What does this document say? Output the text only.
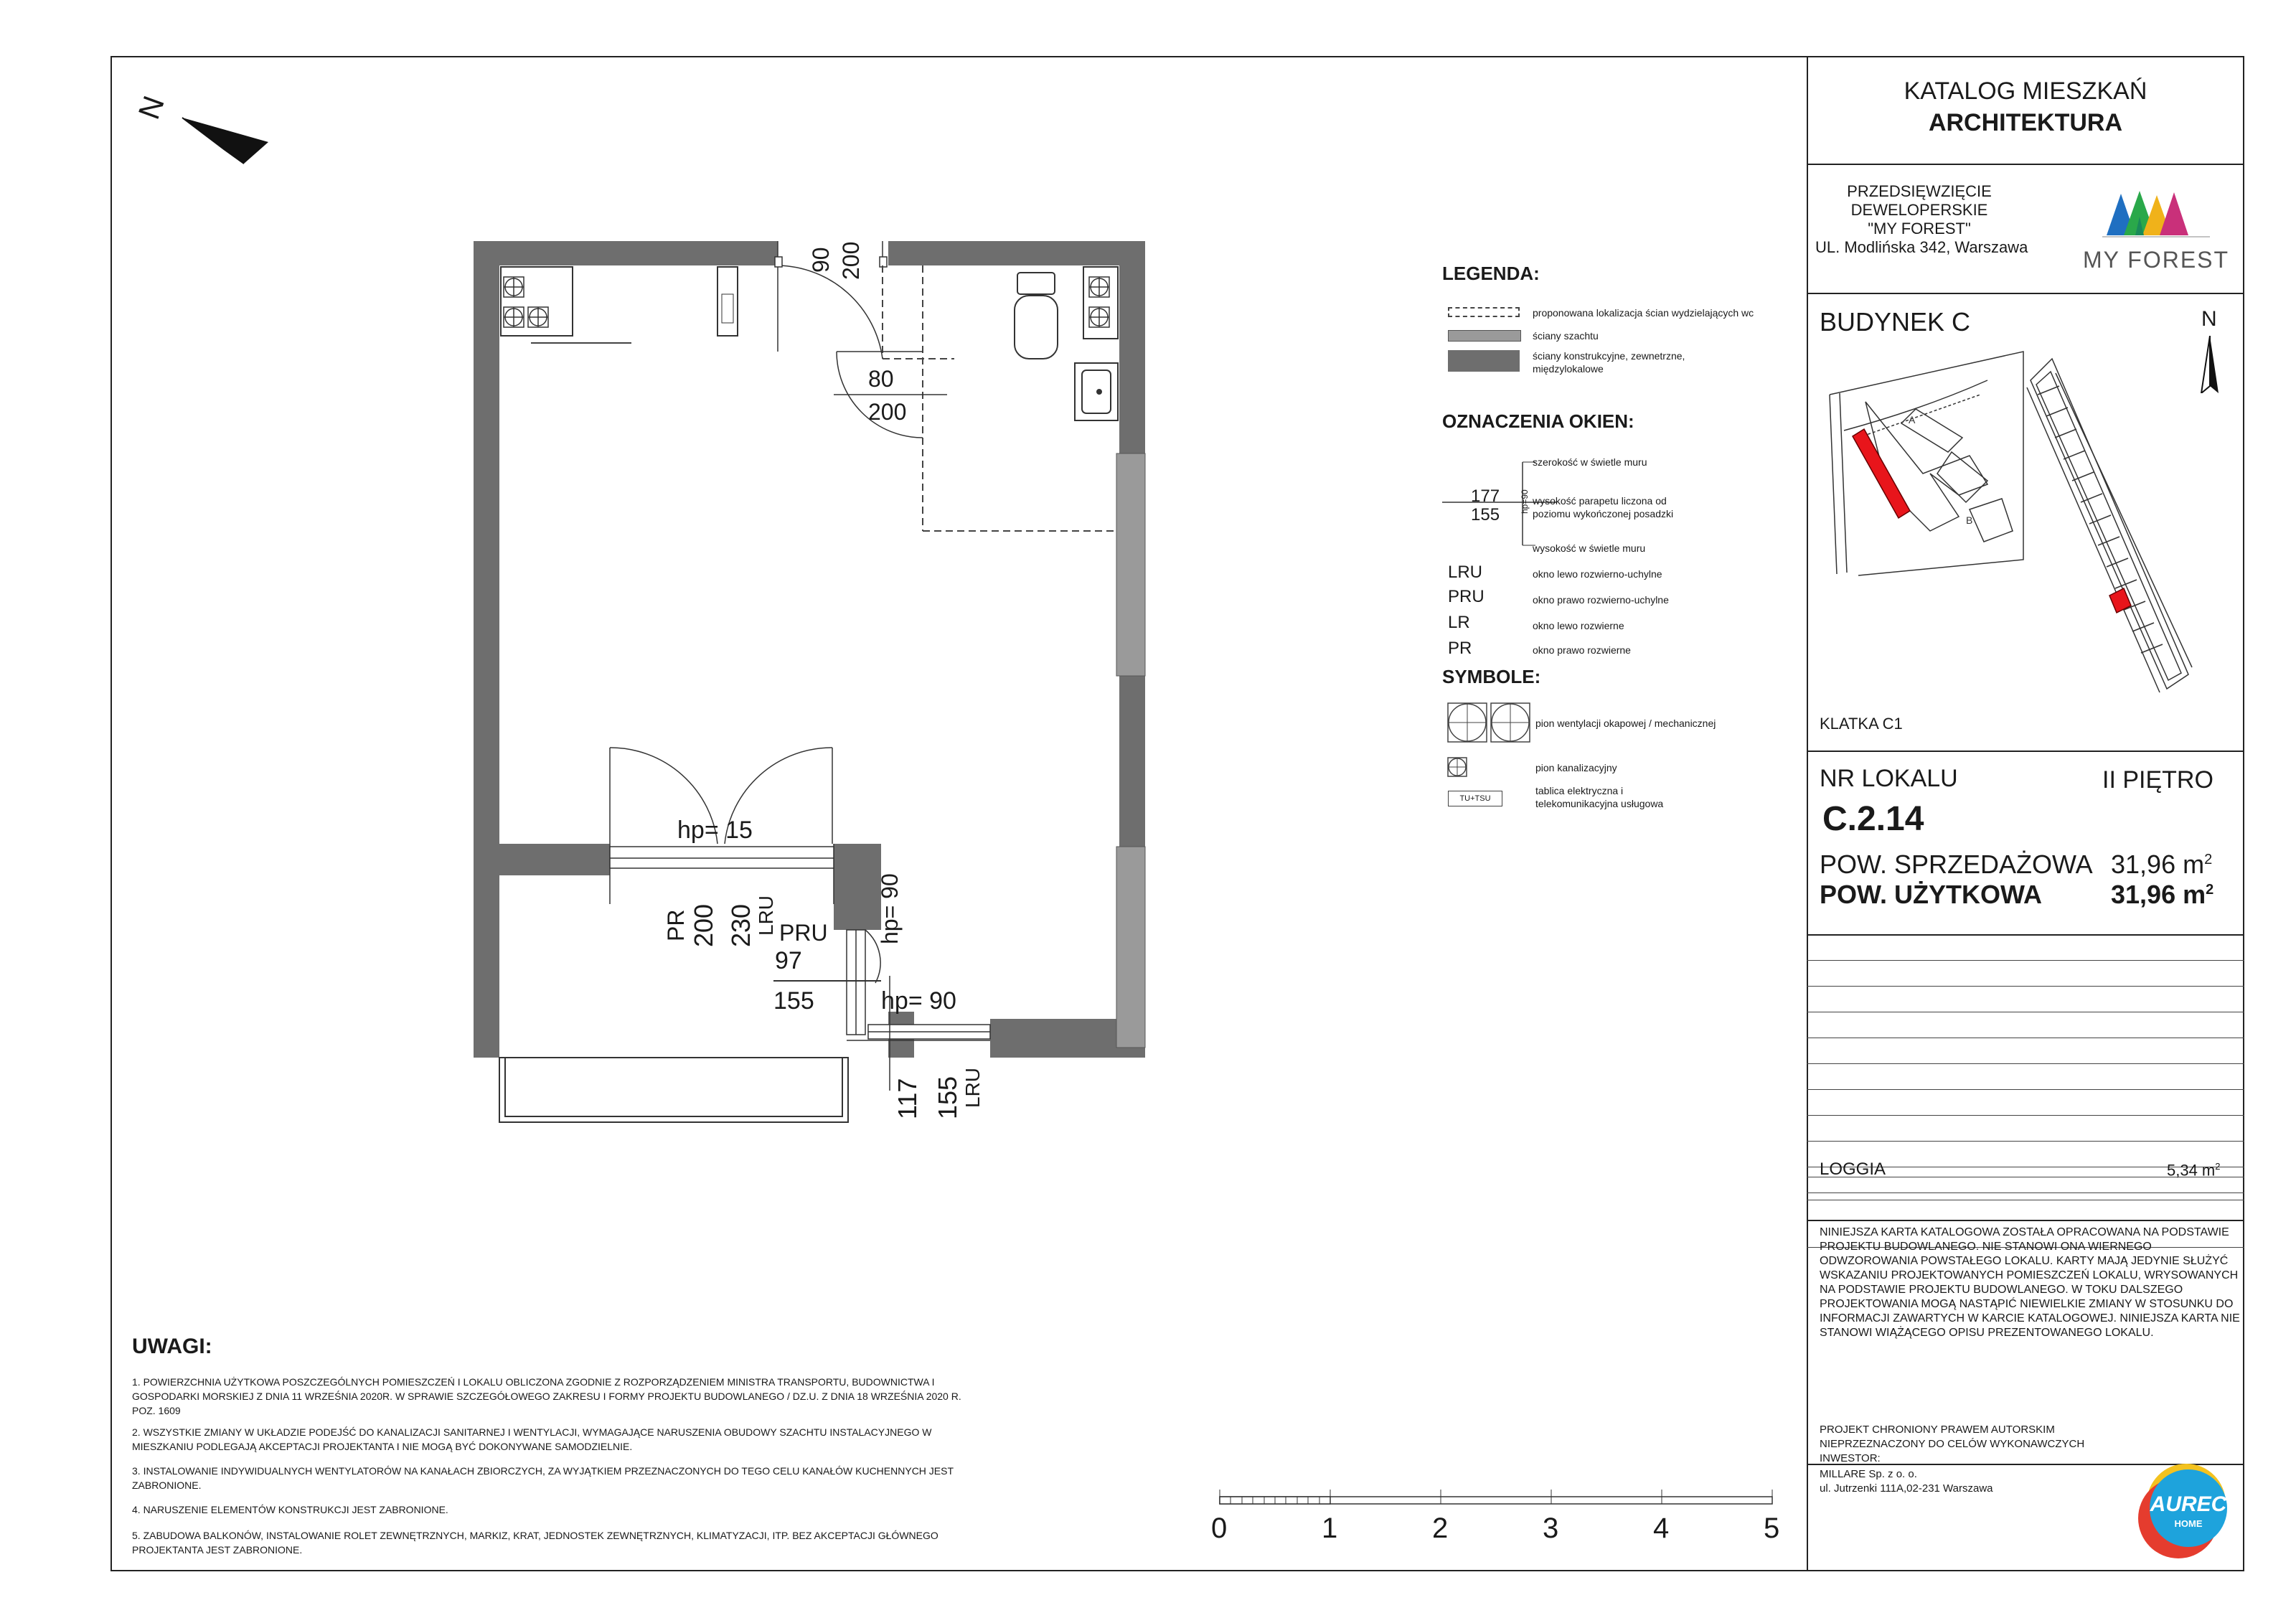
KATALOG MIESZKAŃ
ARCHITEKTURA
PRZEDSIĘWZIĘCIE
DEWELOPERSKIE
"MY FOREST"
UL. Modlińska 342, Warszawa	MY FOREST
BUDYNEK C	N
A
B
KLATKA C1
NR LOKALU	II PIĘTRO
C.2.14
POW. SPRZEDAŻOWA 31,96 $m^2$
POW. UŻYTKOWA	31,96 $m^2$
LOGGIA	5,34 $m^2$
NINIEJSZA KARTA KATALOGOWA ZOSTAŁA OPRACOWANA NA PODSTAWIE PROJEKTU BUDOWLANEGO. NIE STANOWI ONA WIERNEGO ODWZOROWANIA POWSTAŁEGO LOKALU. KARTY MAJĄ JEDYNIE SŁUŻYĆ WSKAZANIU PROJEKTOWANYCH POMIESZCZEŃ LOKALU, WRYSOWANYCH NA PODSTAWIE PROJEKTU BUDOWLANEGO. W TOKU DALSZEGO PROJEKTOWANIA MOGĄ NASTĄPIĆ NIEWIELKIE ZMIANY W STOSUNKU DO INFORMACJI ZAWARTYCH W KARCIE KATALOGOWEJ. NINIEJSZA KARTA NIE STANOWI WIĄŻĄCEGO OPISU PREZENTOWANEGO LOKALU.
PROJEKT CHRONIONY PRAWEM AUTORSKIM
NIEPRZEZNACZONY DO CELÓW WYKONAWCZYCH
INWESTOR:
MILLARE Sp. z o. o.
ul. Jutrzenki 111A,02-231 Warszawa
AUREC
HOME
LEGENDA:
proponowana lokalizacja ścian wydzielających wc
ściany szachtu
ściany konstrukcyjne, zewnetrzne,
międzylokalowe
OZNACZENIA OKIEN:
177
155
hp=90
szerokość w świetle muru
wysokość parapetu liczona od
poziomu wykończonej posadzki
wysokość w świetle muru
LRU	okno lewo rozwierno-uchylne
PRU	okno prawo rozwierno-uchylne
LR	okno lewo rozwierne
PR	okno prawo rozwierne
SYMBOLE:
pion wentylacji okapowej / mechanicznej
pion kanalizacyjny
TU+TSU
tablica elektryczna i
telekomunikacyjna usługowa
UWAGI:
1. POWIERZCHNIA UŻYTKOWA POSZCZEGÓLNYCH POMIESZCZEŃ I LOKALU OBLICZONA ZGODNIE Z ROZPORZĄDZENIEM MINISTRA TRANSPORTU, BUDOWNICTWA I GOSPODARKI MORSKIEJ Z DNIA 11 WRZEŚNIA 2020R. W SPRAWIE SZCZEGÓŁOWEGO ZAKRESU I FORMY PROJEKTU BUDOWLANEGO / DZ.U. Z DNIA 18 WRZEŚNIA 2020 R. POZ. 1609
2. WSZYSTKIE ZMIANY W UKŁADZIE PODEJŚĆ DO KANALIZACJI SANITARNEJ I WENTYLACJI, WYMAGAJĄCE NARUSZENIA OBUDOWY SZACHTU INSTALACYJNEGO W MIESZKANIU PODLEGAJĄ AKCEPTACJI PROJEKTANTA I NIE MOGĄ BYĆ DOKONYWANE SAMODZIELNIE.
3. INSTALOWANIE INDYWIDUALNYCH WENTYLATORÓW NA KANAŁACH ZBIORCZYCH, ZA WYJĄTKIEM PRZEZNACZONYCH DO TEGO CELU KANAŁÓW KUCHENNYCH JEST ZABRONIONE.
4. NARUSZENIE ELEMENTÓW KONSTRUKCJI JEST ZABRONIONE.
5. ZABUDOWA BALKONÓW, INSTALOWANIE ROLET ZEWNĘTRZNYCH, MARKIZ, KRAT, JEDNOSTEK ZEWNĘTRZNYCH, KLIMATYZACJI, ITP. BEZ AKCEPTACJI GŁÓWNEGO PROJEKTANTA JEST ZABRONIONE.
0	1	2	3	4	5
N
90 200
80
200
hp= 15
PR 200 230 LRU PRU hp= 90
97
155	hp= 90
117 155 LRU
